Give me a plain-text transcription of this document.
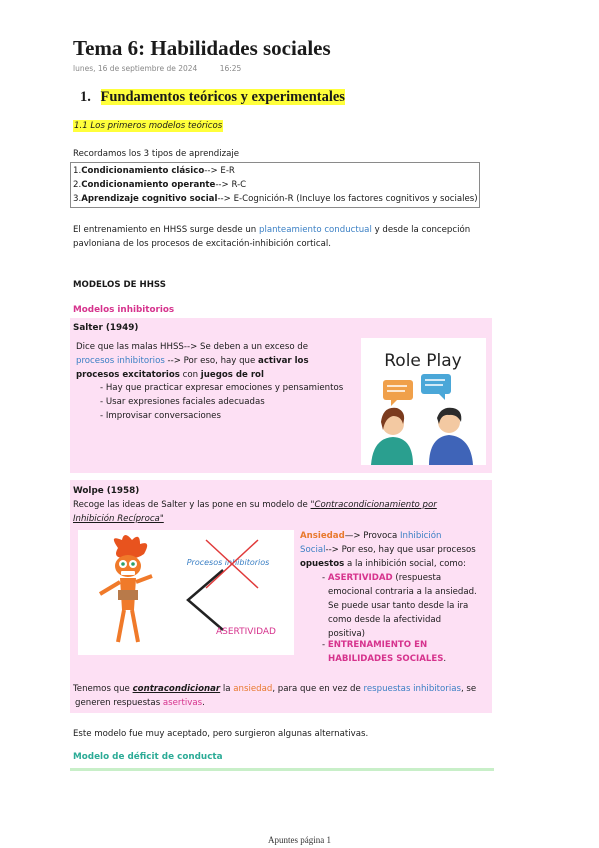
Tema 6: Habilidades sociales
lunes, 16 de septiembre de 2024	16:25
1. Fundamentos teóricos y experimentales
1.1 Los primeros modelos teóricos
Recordamos los 3 tipos de aprendizaje
1.Condicionamiento clásico--> E-R
2.Condicionamiento operante--> R-C
3.Aprendizaje cognitivo social--> E-Cognición-R (Incluye los factores cognitivos y sociales)
El entrenamiento en HHSS surge desde un planteamiento conductual y desde la concepción
pavloniana de los procesos de excitación-inhibición cortical.
MODELOS DE HHSS
Modelos inhibitorios
Salter (1949)
Dice que las malas HHSS--> Se deben a un exceso de
procesos inhibitorios --> Por eso, hay que activar los
procesos excitatorios con juegos de rol
- Hay que practicar expresar emociones y pensamientos
- Usar expresiones faciales adecuadas
- Improvisar conversaciones
Role Play
Wolpe (1958)
Recoge las ideas de Salter y las pone en su modelo de "Contracondicionamiento por
Inhibición Recíproca"
Procesos inhibitorios
ASERTIVIDAD
Ansiedad—> Provoca Inhibición
Social--> Por eso, hay que usar procesos
opuestos a la inhibición social, como:
- ASERTIVIDAD (respuesta
emocional contraria a la ansiedad.
Se puede usar tanto desde la ira
como desde la afectividad
positiva)
- ENTRENAMIENTO EN
HABILIDADES SOCIALES.
Tenemos que contracondicionar la ansiedad, para que en vez de respuestas inhibitorias, se
generen respuestas asertivas.
Este modelo fue muy aceptado, pero surgieron algunas alternativas.
Modelo de déficit de conducta
Apuntes página 1
